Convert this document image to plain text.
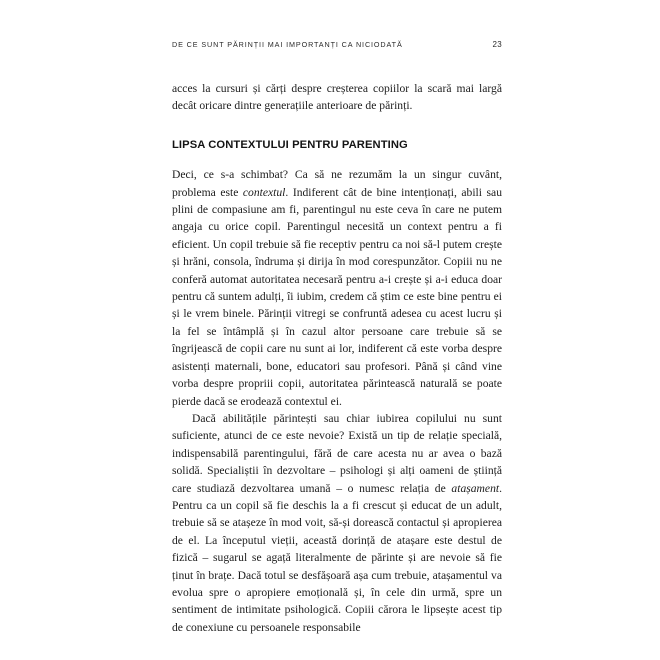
DE CE SUNT PĂRINȚII MAI IMPORTANȚI CA NICIODATĂ	23

acces la cursuri și cărți despre creșterea copiilor la scară mai largă decât oricare dintre generațiile anterioare de părinți.

LIPSA CONTEXTULUI PENTRU PARENTING

Deci, ce s-a schimbat? Ca să ne rezumăm la un singur cuvânt, problema este contextul. Indiferent cât de bine intenționați, abili sau plini de compasiune am fi, parentingul nu este ceva în care ne putem angaja cu orice copil. Parentingul necesită un context pentru a fi eficient. Un copil trebuie să fie receptiv pentru ca noi să-l putem crește și hrăni, consola, îndruma și dirija în mod corespunzător. Copiii nu ne conferă automat autoritatea necesară pentru a-i crește și a-i educa doar pentru că suntem adulți, îi iubim, credem că știm ce este bine pentru ei și le vrem binele. Părinții vitregi se confruntă adesea cu acest lucru și la fel se întâmplă și în cazul altor persoane care trebuie să se îngrijească de copii care nu sunt ai lor, indiferent că este vorba despre asistenți maternali, bone, educatori sau profesori. Până și când vine vorba despre propriii copii, autoritatea părintească naturală se poate pierde dacă se erodează contextul ei.

Dacă abilitățile părintești sau chiar iubirea copilului nu sunt suficiente, atunci de ce este nevoie? Există un tip de relație specială, indispensabilă parentingului, fără de care acesta nu ar avea o bază solidă. Specialiștii în dezvoltare – psihologi și alți oameni de știință care studiază dezvoltarea umană – o numesc relația de atașament. Pentru ca un copil să fie deschis la a fi crescut și educat de un adult, trebuie să se atașeze în mod voit, să-și dorească contactul și apropierea de el. La începutul vieții, această dorință de atașare este destul de fizică – sugarul se agață literalmente de părinte și are nevoie să fie ținut în brațe. Dacă totul se desfășoară așa cum trebuie, atașamentul va evolua spre o apropiere emoțională și, în cele din urmă, spre un sentiment de intimitate psihologică. Copiii cărora le lipsește acest tip de conexiune cu persoanele responsabile
